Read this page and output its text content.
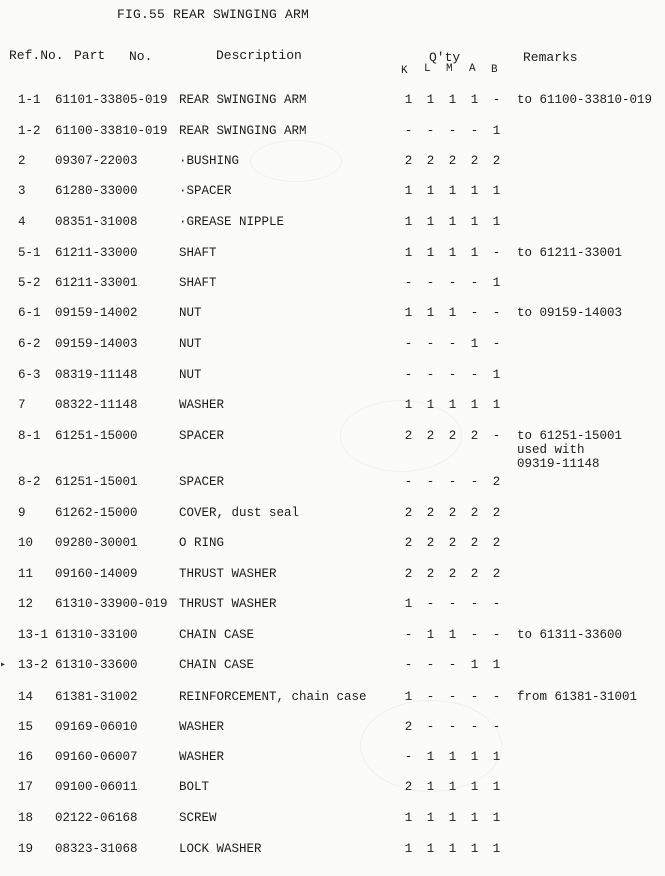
FIG.55 REAR SWINGING ARM
Ref.No. Part No.	Description	Q'ty	Remarks
K L M A B
▸
1-1 61101-33805-019 REAR SWINGING ARM	1 1 1 1 - to 61100-33810-019
1-2 61100-33810-019 REAR SWINGING ARM	- - - - 1
2 09307-22003	·BUSHING	2 2 2 2 2
3 61280-33000	·SPACER	1 1 1 1 1
4 08351-31008	·GREASE NIPPLE	1 1 1 1 1
5-1 61211-33000	SHAFT	1 1 1 1 - to 61211-33001
5-2 61211-33001	SHAFT	- - - - 1
6-1 09159-14002	NUT	1 1 1 - - to 09159-14003
6-2 09159-14003	NUT	- - - 1 -
6-3 08319-11148	NUT	- - - - 1
7 08322-11148	WASHER	1 1 1 1 1
8-1 61251-15000	SPACER	2 2 2 2 - to 61251-15001
used with
09319-11148
8-2 61251-15001	SPACER	- - - - 2
9 61262-15000	COVER, dust seal	2 2 2 2 2
10 09280-30001	O RING	2 2 2 2 2
11 09160-14009	THRUST WASHER	2 2 2 2 2
12 61310-33900-019 THRUST WASHER	1 - - - -
13-1 61310-33100	CHAIN CASE	- 1 1 - - to 61311-33600
13-2 61310-33600	CHAIN CASE	- - - 1 1
14 61381-31002	REINFORCEMENT, chain case	1 - - - - from 61381-31001
15 09169-06010	WASHER	2 - - - -
16 09160-06007	WASHER	- 1 1 1 1
17 09100-06011	BOLT	2 1 1 1 1
18 02122-06168	SCREW	1 1 1 1 1
19 08323-31068	LOCK WASHER	1 1 1 1 1
